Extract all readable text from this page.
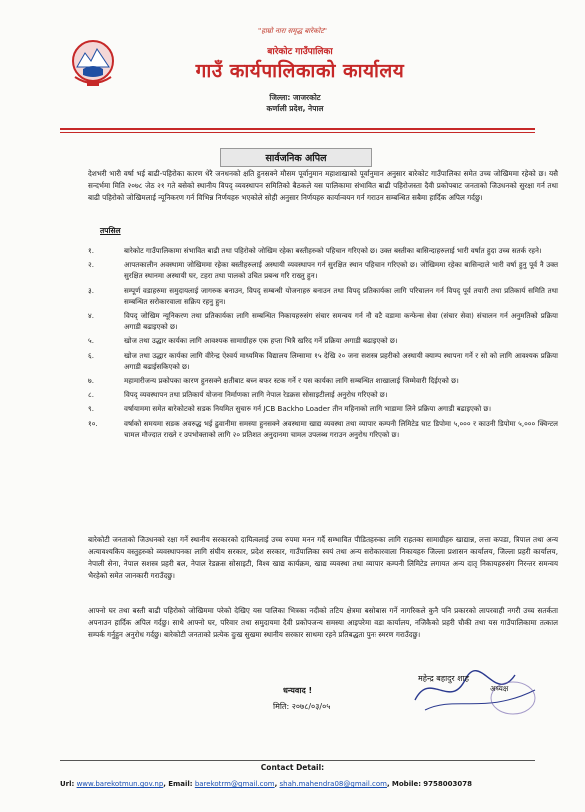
"हाम्रो नारा समृद्ध बारेकोट"
बारेकोट गाउँपालिका
गाउँ कार्यपालिकाको कार्यालय
जिल्ला: जाजरकोट
कर्णाली प्रदेश, नेपाल
सार्वजनिक अपिल
देशभरी भारी वर्षा भई बाढी-पहिरोका कारण धेरै जनधनको क्षति हुनसक्ने मौसम पूर्वानुमान महाशाखाको पूर्वानुमान अनुसार बारेकोट गाउँपालिका समेत उच्च जोखिममा रहेको छ। यसै सन्दर्भमा मिति २०७८ जेठ २१ गते बसेको स्थानीय विपद् व्यवस्थापन समितिको बैठकले यस पालिकामा संभावित बाढी पहिरोजस्ता दैवी प्रकोपबाट जनताको जिउधनको सुरक्षा गर्न तथा बाढी पहिरोको जोखिमलाई न्यूनिकरण गर्न विभिन्न निर्णयहरु भएकोले सोही अनुसार निर्णयहरु कार्यान्वयन गर्न गराउन सम्बन्धित सबैमा हार्दिक अपिल गर्दछु।
तपसिल
१.	बारेकोट गाउँपालिकामा संभावित बाढी तथा पहिरोको जोखिम रहेका बस्तीहरुको पहिचान गरिएको छ। उक्त बस्तीका बासिन्दाहरुलाई भारी वर्षात हुदा उच्च सतर्क रहने।
२.	आपतकालीन अवस्थामा जोखिममा रहेका बस्तीहरुलाई अस्थायी व्यवस्थापन गर्न सुरक्षित स्थान पहिचान गरिएको छ। जोखिममा रहेका बासिन्दाले भारी वर्षा हुनु पूर्व नै उक्त सुरक्षित स्थानमा अस्थायी घर, टहरा तथा पालको उचित प्रबन्ध गरि राख्नु हुन।
३.	सम्पूर्ण वडाहरुमा समुदायलाई जागरुक बनाउन, विपद् सम्बन्धी योजनाहरु बनाउन तथा विपद् प्रतिकार्यका लागि परिचालन गर्न विपद् पूर्व तयारी तथा प्रतिकार्य समिति तथा सम्बन्धित सरोकारवाला सक्रिय रहनु हुन।
४.	विपद् जोखिम न्यूनिकरण तथा प्रतिकार्यका लागि सम्बन्धित निकायहरुसंग संचार समन्वय गर्न नौ वटै वडामा कन्फेन्स सेवा (संचार सेवा) संचालन गर्न अनुमतिको प्रक्रिया अगाडी बढाइएको छ।
५.	खोज तथा उद्धार कार्यका लागि आवश्यक सामाग्रीहरु एक हप्ता भित्रै खरिद गर्ने प्रक्रिया अगाडी बढाइएको छ।
६.	खोज तथा उद्धार कार्यका लागि वीरेन्द्र ऐश्वर्य माध्यमिक विद्यालय लिम्सामा १५ देखि २० जना सशस्त्र प्रहरीको अस्थायी क्याम्प स्थापना गर्ने र सो को लागि आवश्यक प्रक्रिया अगाडी बढाईसकिएको छ।
७.	महामारीजन्य प्रकोपका कारण हुनसक्ने क्षतीबाट बच्न बफर स्टक गर्ने र यस कार्यका लागि सम्बन्धित शाखालाई जिम्मेवारी दिईएको छ।
८.	विपद् व्यवस्थापन तथा प्रतिकार्य योजना निर्माणका लागि नेपाल रेडक्रस सोसाइटीलाई अनुरोध गरिएको छ।
९.	वर्षायाममा समेत बारेकोटको सडक नियमित सुचारु गर्न JCB Backho Loader तीन महिनाको लागि भाडामा लिने प्रक्रिया अगाडी बढाइएको छ।
१०.	वर्षाको समयमा सडक अवरुद्ध भई ढुवानीमा समस्या हुनसक्ने अवस्थामा खाद्य व्यवस्था तथा व्यापार कम्पनी लिमिटेड घाट डिपोमा ५,००० र काउनी डिपोमा ५,००० क्विन्टल चामल मौज्दात राख्ने र उपभोक्ताको लागि २० प्रतिशत अनुदानमा चामल उपलब्ध गराउन अनुरोध गरिएको छ।
बारेकोटी जनताको जिउधनको रक्षा गर्ने स्थानीय सरकारको दायित्वलाई उच्च रुपमा मनन गर्दै सम्भावित पीडितहरुका लागि राहतका सामाग्रीहरु खाद्यान्न, लत्ता कपडा, त्रिपाल तथा अन्य अत्यावश्यकिय वस्तुहरुको व्यवस्थापनका लागि संघीय सरकार, प्रदेश सरकार, गाउँपालिका स्वयं तथा अन्य सरोकारवाला निकायहरु जिल्ला प्रशासन कार्यालय, जिल्ला प्रहरी कार्यालय, नेपाली सेना, नेपाल सशस्त्र प्रहरी बल, नेपाल रेडक्रस सोसाइटी, विश्व खाद्य कार्यक्रम, खाद्य व्यवस्था तथा व्यापार कम्पनी लिमिटेड लगायत अन्य दातृ निकायहरुसंग निरन्तर समन्वय भैरहेको समेत जानकारी गराउँदछु।
आफ्नो घर तथा बस्ती बाढी पहिरोको जोखिममा परेको देखिए यस पालिका भित्रका नदीको तटिय क्षेत्रमा बसोबास गर्ने नागरिकले कुनै पनि प्रकारको लापरवाही नगरी उच्च सतर्कता अपनाउन हार्दिक अपिल गर्दछु। साथै आफ्नो घर, परिवार तथा समुदायमा दैवी प्रकोपजन्य समस्या आइपरेमा वडा कार्यालय, नजिकैको प्रहरी चौकी तथा यस गाउँपालिकामा तत्काल सम्पर्क गर्नुहुन अनुरोध गर्दछु। बारेकोटी जनताको प्रत्येक दुःख सुखमा स्थानीय सरकार साथमा रहने प्रतिबद्धता पुनः स्मरण गराउँदछु।
महेन्द्र बहादुर शाह
अध्यक्ष
धन्यवाद !
मिति: २०७८/०३/०५
Contact Detail:
Url: www.barekotmun.gov.np, Email: barekotrm@gmail.com, shah.mahendra08@gmail.com, Mobile: 9758003078
